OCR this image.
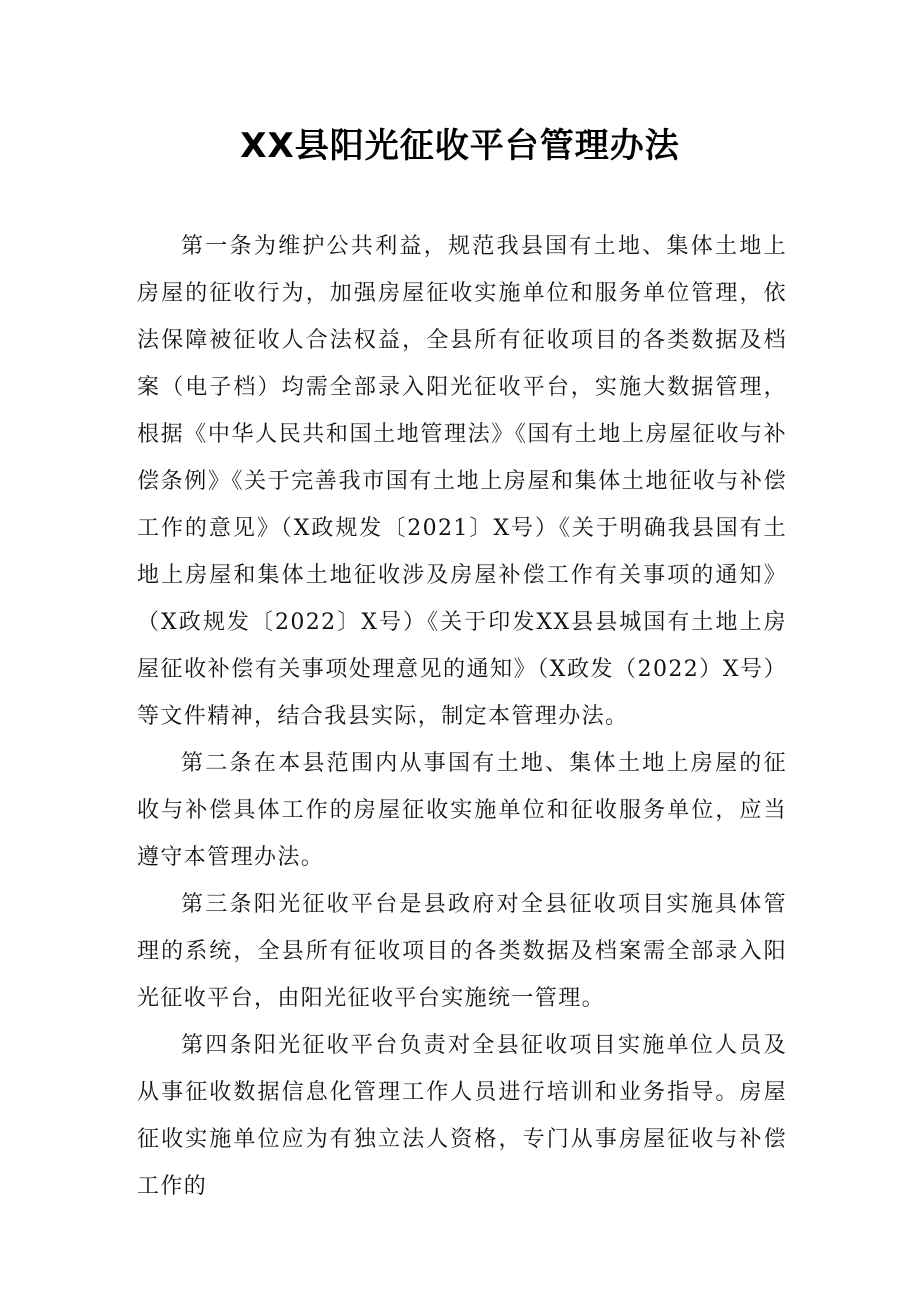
XX县阳光征收平台管理办法

第一条为维护公共利益，规范我县国有土地、集体土地上房屋的征收行为，加强房屋征收实施单位和服务单位管理，依法保障被征收人合法权益，全县所有征收项目的各类数据及档案（电子档）均需全部录入阳光征收平台，实施大数据管理，根据《中华人民共和国土地管理法》《国有土地上房屋征收与补偿条例》《关于完善我市国有土地上房屋和集体土地征收与补偿工作的意见》（X政规发〔2021〕X号）《关于明确我县国有土地上房屋和集体土地征收涉及房屋补偿工作有关事项的通知》（X政规发〔2022〕X号）《关于印发XX县县城国有土地上房屋征收补偿有关事项处理意见的通知》（X政发（2022）X号）等文件精神，结合我县实际，制定本管理办法。

第二条在本县范围内从事国有土地、集体土地上房屋的征收与补偿具体工作的房屋征收实施单位和征收服务单位，应当遵守本管理办法。

第三条阳光征收平台是县政府对全县征收项目实施具体管理的系统，全县所有征收项目的各类数据及档案需全部录入阳光征收平台，由阳光征收平台实施统一管理。

第四条阳光征收平台负责对全县征收项目实施单位人员及从事征收数据信息化管理工作人员进行培训和业务指导。房屋征收实施单位应为有独立法人资格，专门从事房屋征收与补偿工作的
